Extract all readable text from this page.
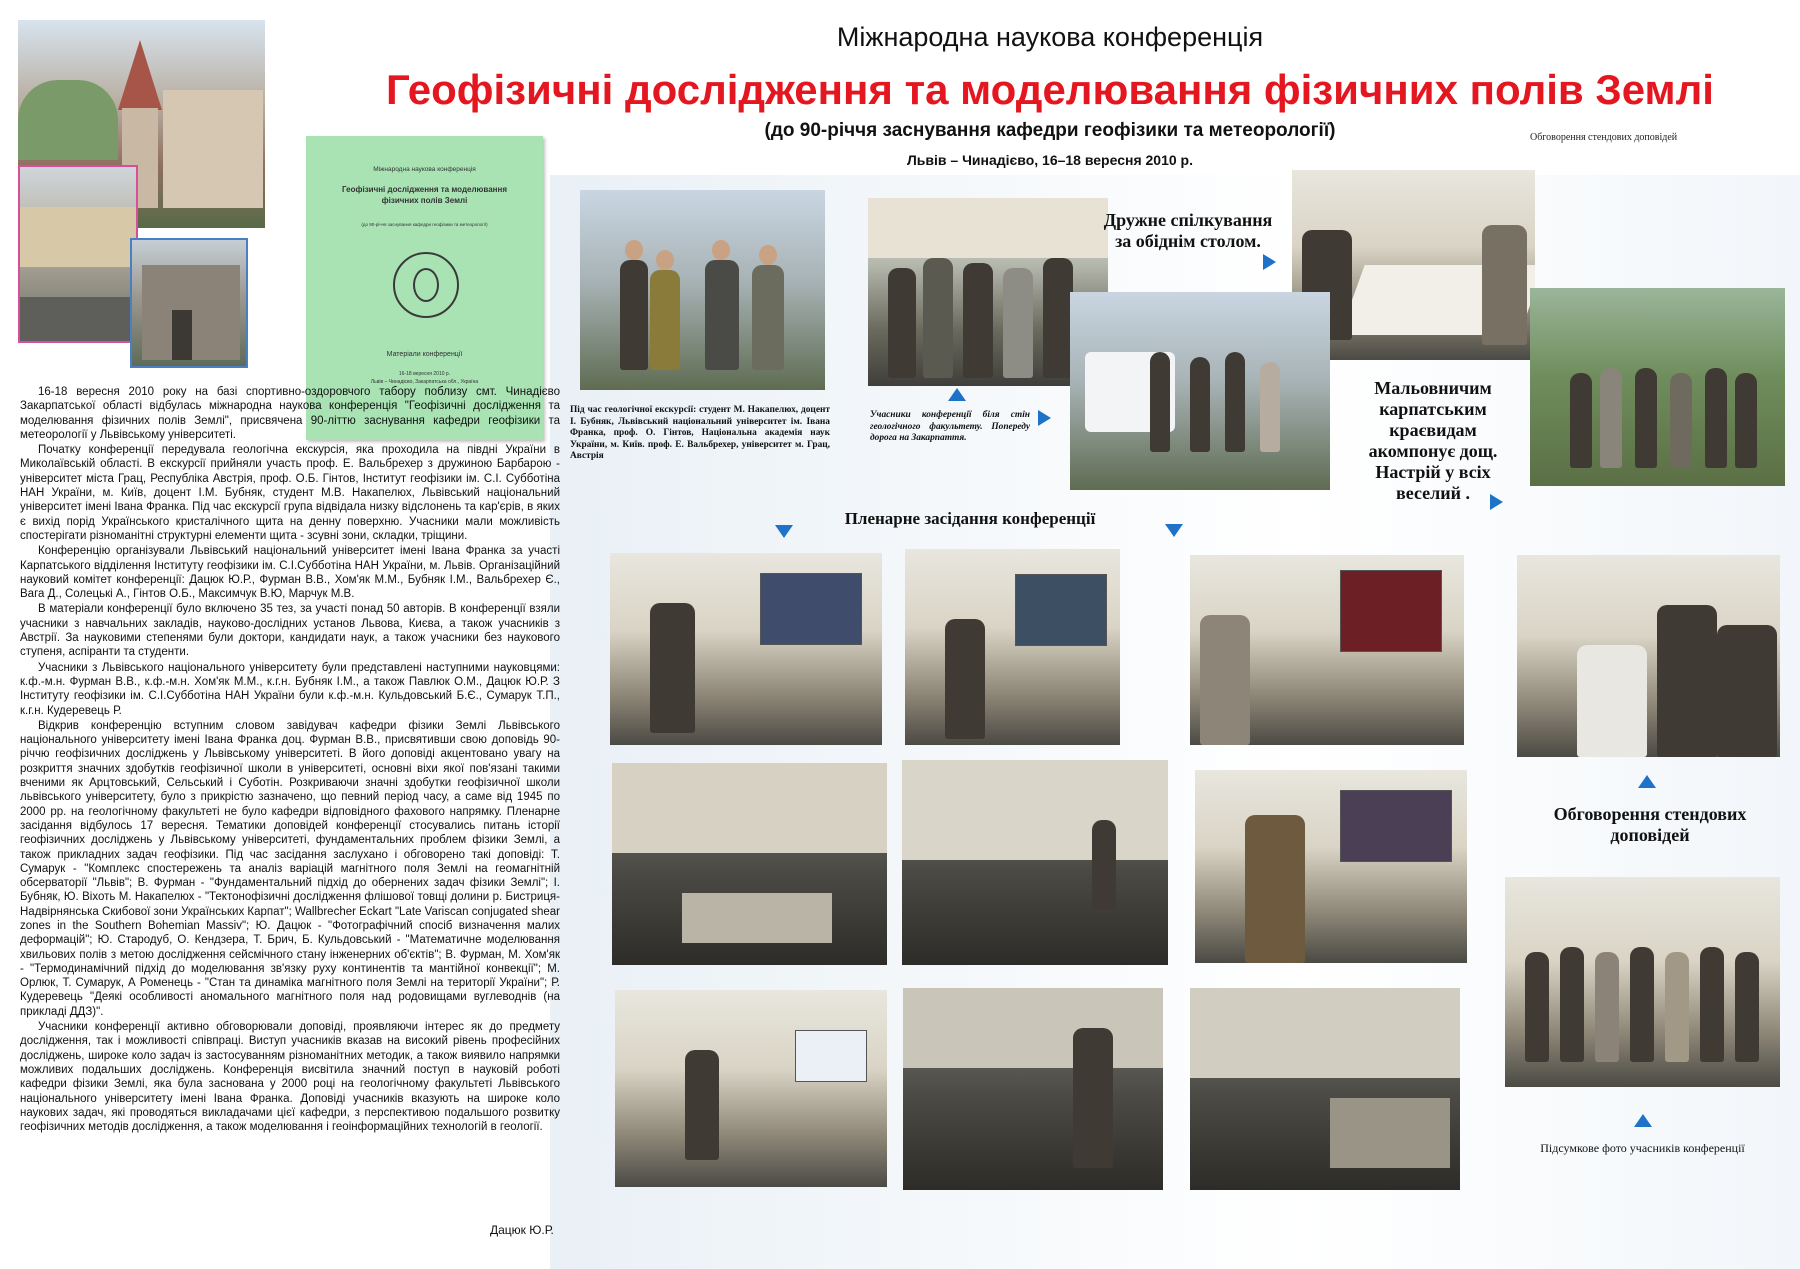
Міжнародна наукова конференція
Геофізичні дослідження та моделювання фізичних полів Землі
(до 90-річчя заснування кафедри геофізики та метеорології)
Львів – Чинадієво, 16–18 вересня 2010 р.
Обговорення стендових доповідей
Міжнародна наукова конференція
Геофізичні дослідження та моделювання фізичних полів Землі
(до 90-річчя заснування кафедри геофізики та метеорології)
Матеріали конференції
16-18 вересня 2010 р.
Львів – Чинадієво, Закарпатська обл., Україна

16-18 вересня 2010 року на базі спортивно-оздоровчого табору поблизу смт. Чинадієво Закарпатської області відбулась міжнародна наукова конференція "Геофізичні дослідження та моделювання фізичних полів Землі", присвячена 90-літтю заснування кафедри геофізики та метеорології у Львівському університеті.

Початку конференції передувала геологічна екскурсія, яка проходила на півдні України в Миколаївській області. В екскурсії прийняли участь проф. Е. Вальбрехер з дружиною Барбарою - університет міста Грац, Республіка Австрія, проф. О.Б. Гінтов, Інститут геофізики ім. С.І. Субботіна НАН України, м. Київ, доцент І.М. Бубняк, студент М.В. Накапелюх, Львівський національний університет імені Івана Франка. Під час екскурсії група відвідала низку відслонень та кар'єрів, в яких є вихід порід Українського кристалічного щита на денну поверхню. Учасники мали можливість спостерігати різноманітні структурні елементи щита - зсувні зони, складки, тріщини.

Конференцію організували Львівський національний університет імені Івана Франка за участі Карпатського відділення Інституту геофізики ім. С.І.Субботіна НАН України, м. Львів. Організаційний науковий комітет конференції: Дацюк Ю.Р., Фурман В.В., Хом'як М.М., Бубняк І.М., Вальбрехер Є., Вага Д., Солецькі А., Гінтов О.Б., Максимчук В.Ю, Марчук М.В.

В матеріали конференції було включено 35 тез, за участі понад 50 авторів. В конференції взяли учасники з навчальних закладів, науково-дослідних установ Львова, Києва, а також учасників з Австрії. За науковими степенями були доктори, кандидати наук, а також учасники без наукового ступеня, аспіранти та студенти.

Учасники з Львівського національного університету були представлені наступними науковцями: к.ф.-м.н. Фурман В.В., к.ф.-м.н. Хом'як М.М., к.г.н. Бубняк І.М., а також Павлюк О.М., Дацюк Ю.Р. З Інституту геофізики ім. С.І.Субботіна НАН України були к.ф.-м.н. Кульдовський Б.Є., Сумарук Т.П., к.г.н. Кудеревець Р.

Відкрив конференцію вступним словом завідувач кафедри фізики Землі Львівського національного університету імені Івана Франка доц. Фурман В.В., присвятивши свою доповідь 90-річчю геофізичних досліджень у Львівському університеті. В його доповіді акцентовано увагу на розкриття значних здобутків геофізичної школи в університеті, основні віхи якої пов'язані такими вченими як Арцтовський, Сельський і Суботін. Розкриваючи значні здобутки геофізичної школи львівського університету, було з прикрістю зазначено, що певний період часу, а саме від 1945 по 2000 рр. на геологічному факультеті не було кафедри відповідного фахового напрямку. Пленарне засідання відбулось 17 вересня. Тематики доповідей конференції стосувались питань історії геофізичних досліджень у Львівському університеті, фундаментальних проблем фізики Землі, а також прикладних задач геофізики. Під час засідання заслухано і обговорено такі доповіді: Т. Сумарук - "Комплекс спостережень та аналіз варіацій магнітного поля Землі на геомагнітній обсерваторії "Львів"; В. Фурман - "Фундаментальний підхід до обернених задач фізики Землі"; І. Бубняк, Ю. Віхоть М. Накапелюх - "Тектонофізичні дослідження флішової товщі долини р. Бистриця-Надвірнянська Скибової зони Українських Карпат"; Wallbrecher Eckart "Late Variscan conjugated shear zones in the Southern Bohemian Massiv"; Ю. Дацюк - "Фотографічний спосіб визначення малих деформацій"; Ю. Стародуб, О. Кендзера, Т. Брич, Б. Кульдовський - "Математичне моделювання хвильових полів з метою дослідження сейсмічного стану інженерних об'єктів"; В. Фурман, М. Хом'як - "Термодинамічний підхід до моделювання зв'язку руху континентів та мантійної конвекції"; М. Орлюк, Т. Сумарук, А Роменець - "Стан та динаміка магнітного поля Землі на території України"; Р. Кудеревець "Деякі особливості аномального магнітного поля над родовищами вуглеводнів (на прикладі ДДЗ)".

Учасники конференції активно обговорювали доповіді, проявляючи інтерес як до предмету дослідження, так і можливості співпраці. Виступ учасників вказав на високий рівень професійних досліджень, широке коло задач із застосуванням різноманітних методик, а також виявило напрямки можливих подальших досліджень. Конференція висвітила значний поступ в науковій роботі кафедри фізики Землі, яка була заснована у 2000 році на геологічному факультеті Львівського національного університету імені Івана Франка. Доповіді учасників вказують на широке коло наукових задач, які проводяться викладачами цієї кафедри, з перспективою подальшого розвитку геофізичних методів дослідження, а також моделювання і геоінформаційних технологій в геології.

Дацюк Ю.Р.
Під час геологічної екскурсії: студент М. Накапелюх, доцент І. Бубняк, Львівський національний університет ім. Івана Франка, проф. О. Гінтов, Національна академія наук України, м. Київ. проф. Е. Вальбрехер, університет м. Грац, Австрія
Учасники конференції біля стін геологічного факультету. Попереду дорога на Закарпаття.
Дружне спілкування за обіднім столом.
Мальовничим карпатським краєвидам акомпонує дощ. Настрій у всіх веселий .
Пленарне засідання конференції
Обговорення стендових доповідей
Підсумкове фото учасників конференції
